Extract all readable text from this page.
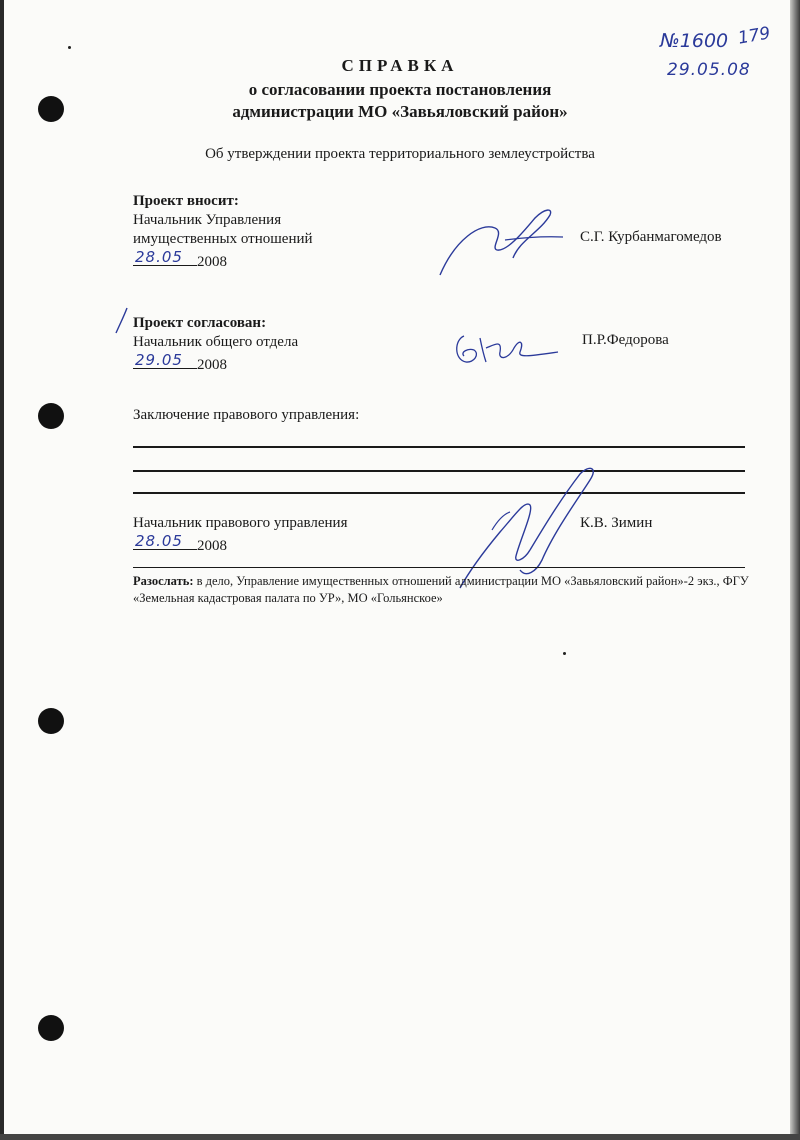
№1600 179
29.05.08
СПРАВКА
о согласовании проекта постановления
администрации МО «Завьяловский район»
Об утверждении проекта территориального землеустройства
Проект вносит:
Начальник Управления
имущественных отношений	С.Г. Курбанмагомедов
28.05 2008
Проект согласован:
Начальник общего отдела	П.Р.Федорова
29.05 2008
Заключение правового управления:
Начальник правового управления	К.В. Зимин
28.05 2008
Разослать: в дело, Управление имущественных отношений администрации МО «Завьяловский район»-2 экз., ФГУ «Земельная кадастровая палата по УР», МО «Гольянское»
